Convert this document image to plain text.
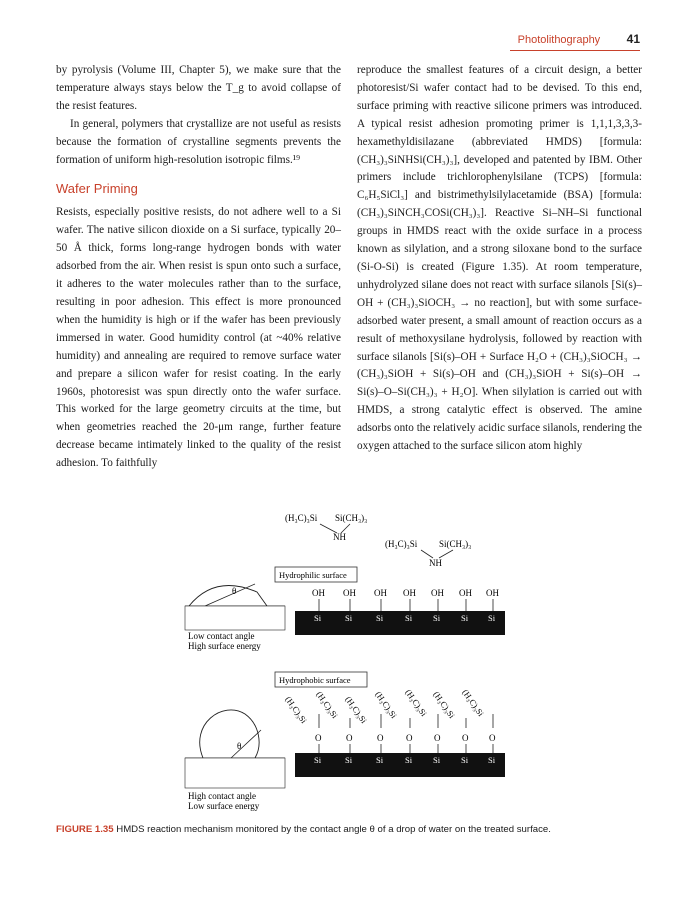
Photolithography 41

by pyrolysis (Volume III, Chapter 5), we make sure that the temperature always stays below the T_g to avoid collapse of the resist features.

In general, polymers that crystallize are not useful as resists because the formation of crystalline segments prevents the formation of uniform high-resolution isotropic films.¹⁹

Wafer Priming

Resists, especially positive resists, do not adhere well to a Si wafer. The native silicon dioxide on a Si surface, typically 20–50 Å thick, forms long-range hydrogen bonds with water adsorbed from the air. When resist is spun onto such a surface, it adheres to the water molecules rather than to the surface, resulting in poor adhesion. This effect is more pronounced when the humidity is high or if the wafer has been previously immersed in water. Good humidity control (at ~40% relative humidity) and annealing are required to remove surface water and prepare a silicon wafer for resist coating. In the early 1960s, photoresist was spun directly onto the wafer surface. This worked for the large geometry circuits at the time, but when geometries reached the 20-μm range, further feature decrease became intimately linked to the quality of the resist adhesion. To faithfully

reproduce the smallest features of a circuit design, a better photoresist/Si wafer contact had to be devised. To this end, surface priming with reactive silicone primers was introduced. A typical resist adhesion promoting primer is 1,1,1,3,3,3-hexamethyldisilazane (abbreviated HMDS) [formula: (CH₃)₃SiNHSi(CH₃)₃], developed and patented by IBM. Other primers include trichlorophenylsilane (TCPS) [formula: C₆H₅SiCl₃] and bistrimethylsilylacetamide (BSA) [formula: (CH₃)₃SiNCH₃COSi(CH₃)₃]. Reactive Si–NH–Si functional groups in HMDS react with the oxide surface in a process known as silylation, and a strong siloxane bond to the surface (Si-O-Si) is created (Figure 1.35). At room temperature, unhydrolyzed silane does not react with surface silanols [Si(s)–OH + (CH₃)₃SiOCH₃ → no reaction], but with some surface-adsorbed water present, a small amount of reaction occurs as a result of methoxysilane hydrolysis, followed by reaction with surface silanols [Si(s)–OH + Surface H₂O + (CH₃)₃SiOCH₃ → (CH₃)₃SiOH + Si(s)–OH and (CH₃)₃SiOH + Si(s)–OH → Si(s)–O–Si(CH₃)₃ + H₂O]. When silylation is carried out with HMDS, a strong catalytic effect is observed. The amine adsorbs onto the relatively acidic surface silanols, rendering the oxygen attached to the surface silicon atom highly

(H₃C)₃Si Si(CH₃)₃
NH
(H₃C)₃Si Si(CH₃)₃
NH
Hydrophilic surface
θ	OH OH OH OH OH OH OH
Si	Si	Si	Si Si Si Si
Low contact angle
High surface energy
Hydrophobic surface
(H₃C)₃Si (H₃C)₃Si (H₃C)₃Si (H₃C)₃Si (H₃C)₃Si (H₃C)₃Si (H₃C)₃Si
O	O	O	O O O O
Si	Si	Si	Si Si Si Si
θ
High contact angle
Low surface energy
FIGURE 1.35 HMDS reaction mechanism monitored by the contact angle θ of a drop of water on the treated surface.
